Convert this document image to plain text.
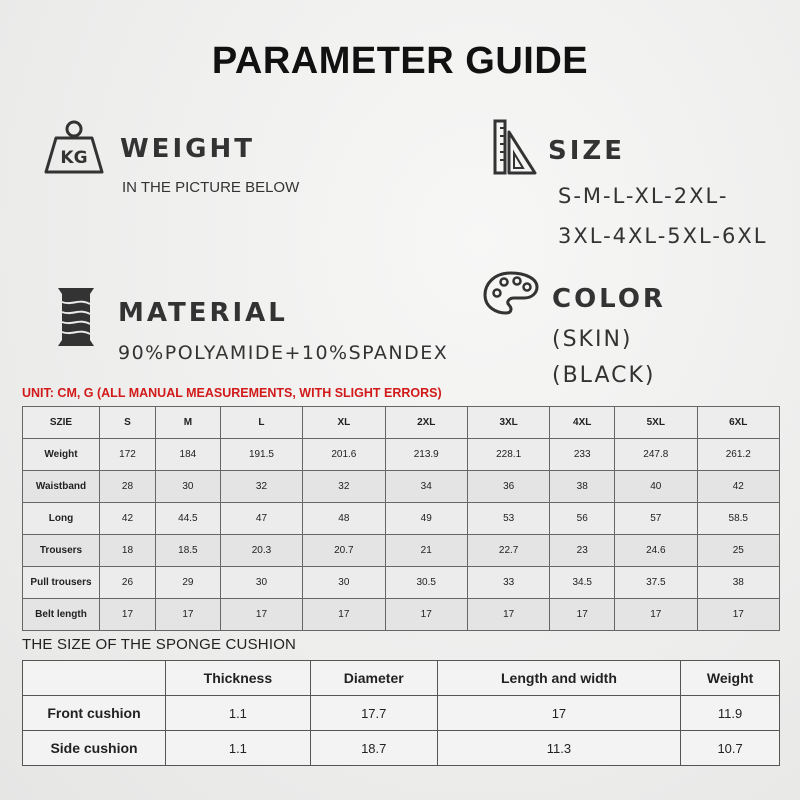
PARAMETER GUIDE
KG WEIGHT
IN THE PICTURE BELOW
SIZE
S-M-L-XL-2XL-
3XL-4XL-5XL-6XL
MATERIAL
90%POLYAMIDE+10%SPANDEX
COLOR
(SKIN)
(BLACK)
UNIT: CM, G (ALL MANUAL MEASUREMENTS, WITH SLIGHT ERRORS)
SZIE	S	M	L	XL	2XL	3XL	4XL	5XL	6XL
Weight	172	184	191.5	201.6	213.9	228.1	233	247.8	261.2
Waistband	28	30	32	32	34	36	38	40	42
Long	42	44.5	47	48	49	53	56	57	58.5
Trousers	18	18.5	20.3	20.7	21	22.7	23	24.6	25
Pull trousers	26	29	30	30	30.5	33	34.5	37.5	38
Belt length	17	17	17	17	17	17	17	17	17
THE SIZE OF THE SPONGE CUSHION
	Thickness	Diameter	Length and width	Weight
Front cushion	1.1	17.7	17	11.9
Side cushion	1.1	18.7	11.3	10.7
